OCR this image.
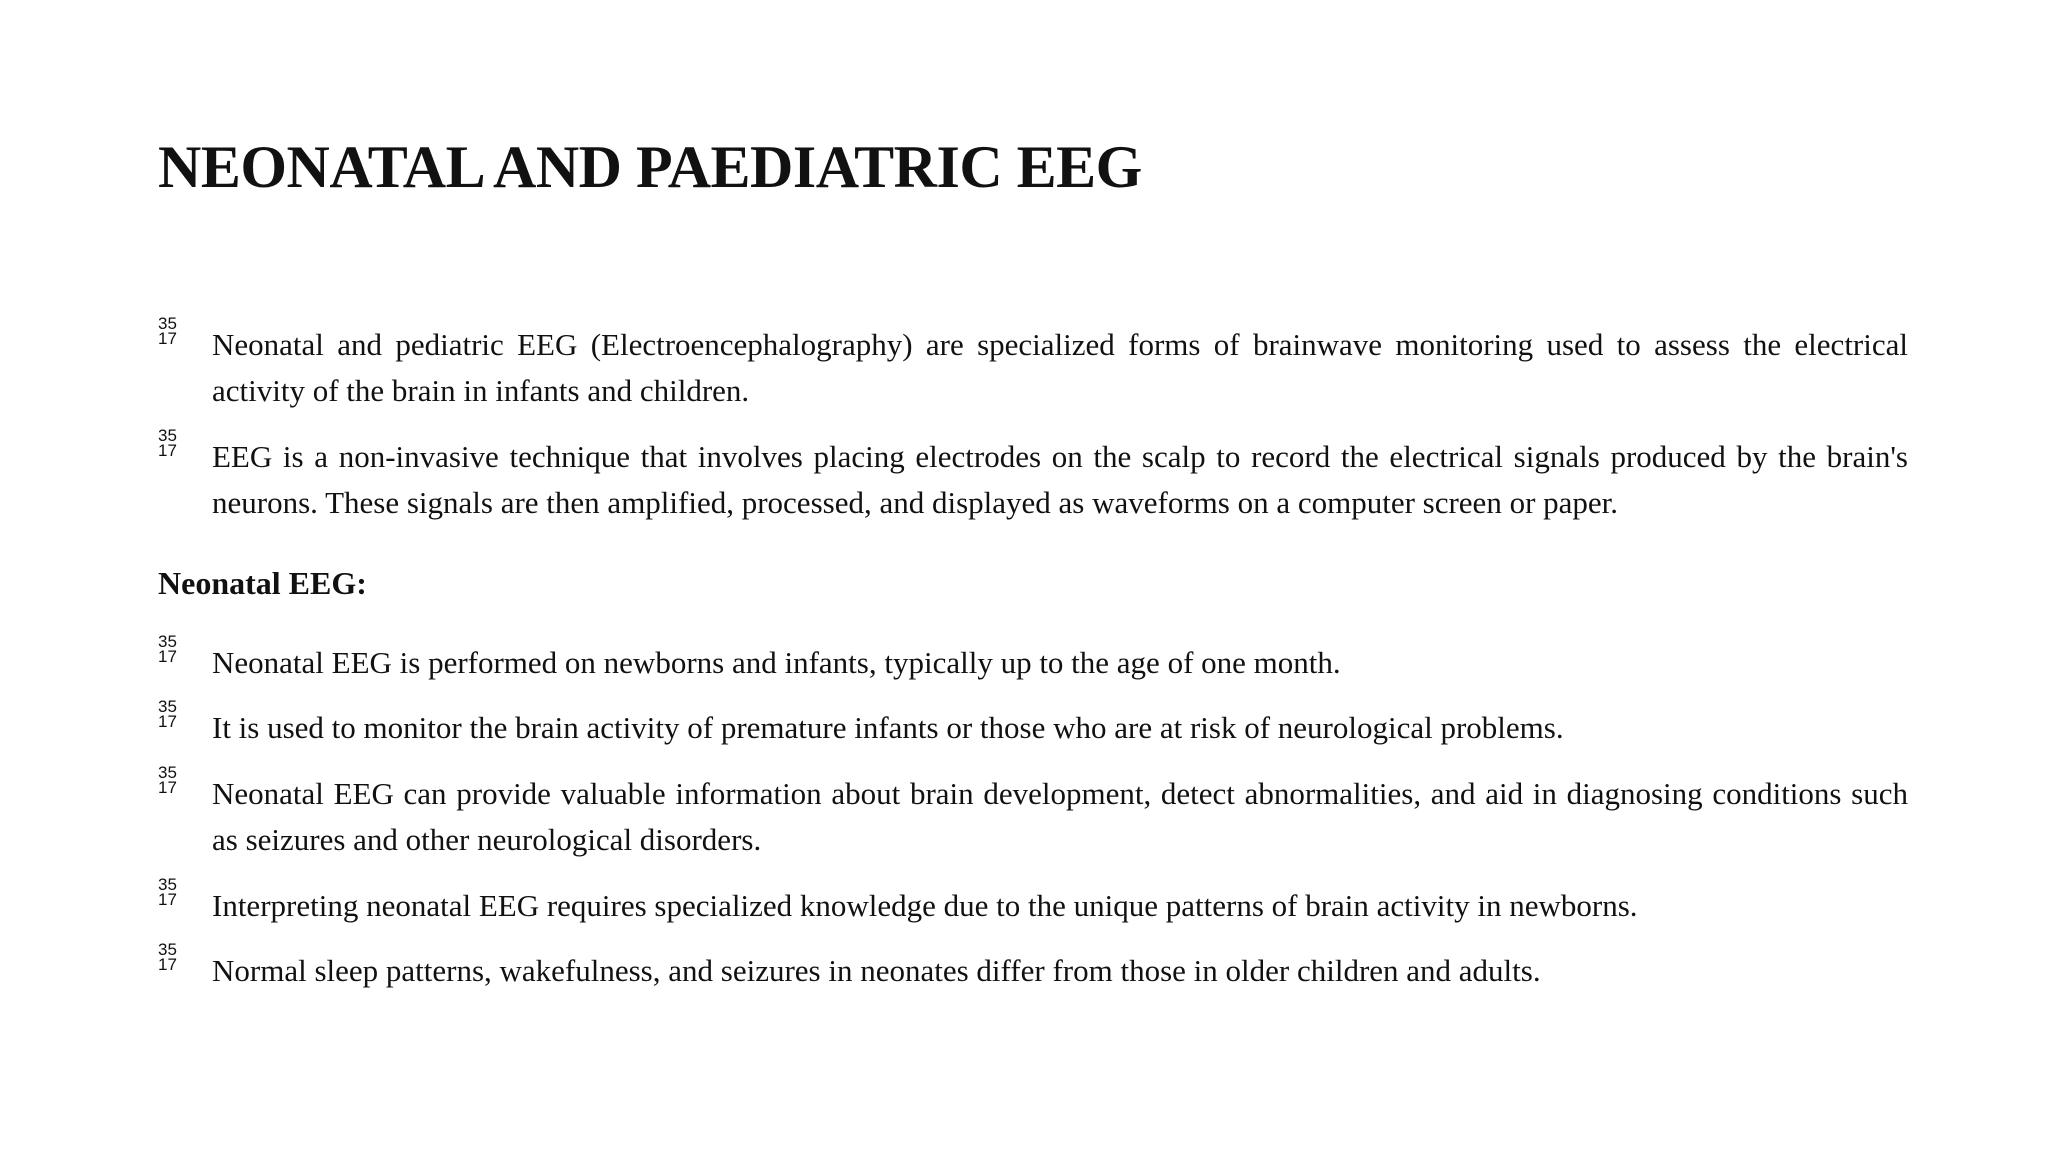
NEONATAL AND PAEDIATRIC EEG
35
17 Neonatal and pediatric EEG (Electroencephalography) are specialized forms of brainwave monitoring used to assess the electrical activity of the brain in infants and children.
35
17 EEG is a non-invasive technique that involves placing electrodes on the scalp to record the electrical signals produced by the brain's neurons. These signals are then amplified, processed, and displayed as waveforms on a computer screen or paper.
Neonatal EEG:
35
17 Neonatal EEG is performed on newborns and infants, typically up to the age of one month.
35
17 It is used to monitor the brain activity of premature infants or those who are at risk of neurological problems.
35
17 Neonatal EEG can provide valuable information about brain development, detect abnormalities, and aid in diagnosing conditions such as seizures and other neurological disorders.
35
17 Interpreting neonatal EEG requires specialized knowledge due to the unique patterns of brain activity in newborns.
35
17 Normal sleep patterns, wakefulness, and seizures in neonates differ from those in older children and adults.
